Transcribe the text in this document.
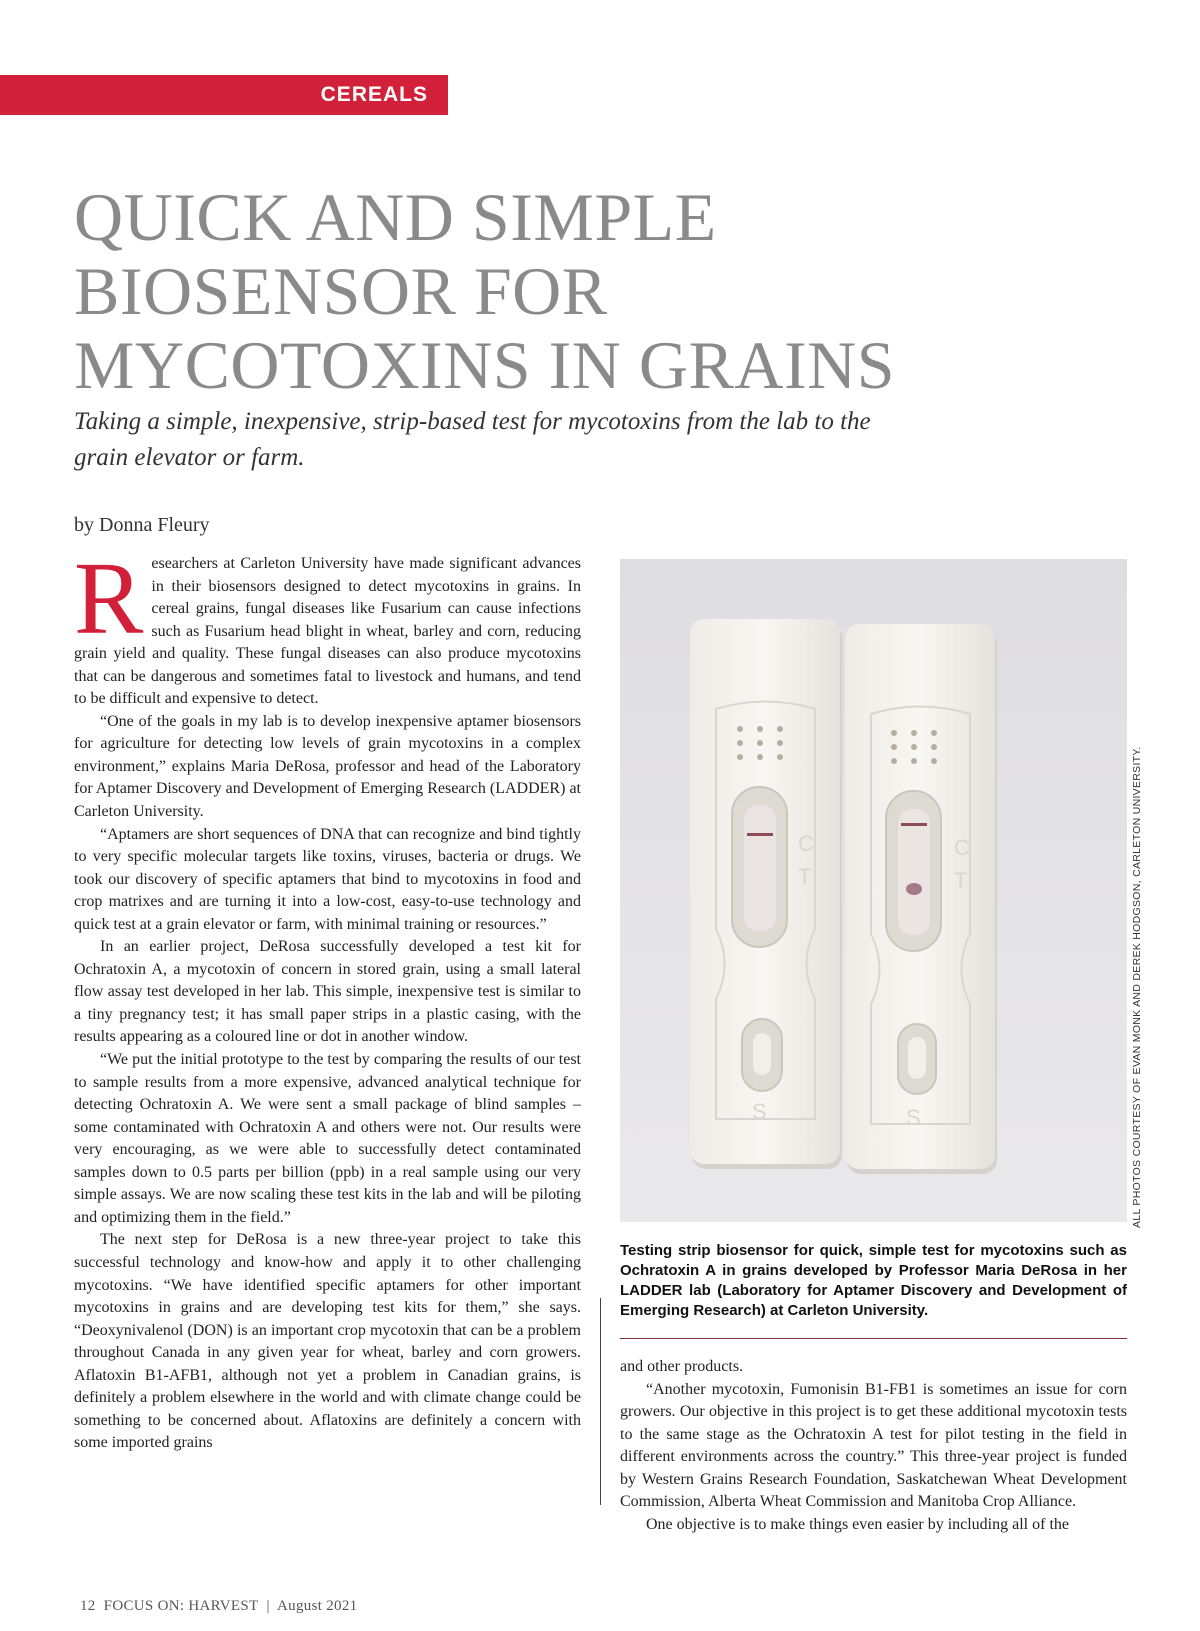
CEREALS
QUICK AND SIMPLE
BIOSENSOR FOR
MYCOTOXINS IN GRAINS
Taking a simple, inexpensive, strip-based test for mycotoxins from the lab to the grain elevator or farm.
by Donna Fleury

Researchers at Carleton University have made significant advances in their biosensors designed to detect mycotoxins in grains. In cereal grains, fungal diseases like Fusarium can cause infections such as Fusarium head blight in wheat, barley and corn, reducing grain yield and quality. These fungal diseases can also produce mycotoxins that can be dangerous and sometimes fatal to livestock and humans, and tend to be difficult and expensive to detect.

“One of the goals in my lab is to develop inexpensive aptamer biosensors for agriculture for detecting low levels of grain mycotoxins in a complex environment,” explains Maria DeRosa, professor and head of the Laboratory for Aptamer Discovery and Development of Emerging Research (LADDER) at Carleton University.

“Aptamers are short sequences of DNA that can recognize and bind tightly to very specific molecular targets like toxins, viruses, bacteria or drugs. We took our discovery of specific aptamers that bind to mycotoxins in food and crop matrixes and are turning it into a low-cost, easy-to-use technology and quick test at a grain elevator or farm, with minimal training or resources.”

In an earlier project, DeRosa successfully developed a test kit for Ochratoxin A, a mycotoxin of concern in stored grain, using a small lateral flow assay test developed in her lab. This simple, inexpensive test is similar to a tiny pregnancy test; it has small paper strips in a plastic casing, with the results appearing as a coloured line or dot in another window.

“We put the initial prototype to the test by comparing the results of our test to sample results from a more expensive, advanced analytical technique for detecting Ochratoxin A. We were sent a small package of blind samples – some contaminated with Ochratoxin A and others were not. Our results were very encouraging, as we were able to successfully detect contaminated samples down to 0.5 parts per billion (ppb) in a real sample using our very simple assays. We are now scaling these test kits in the lab and will be piloting and optimizing them in the field.”

The next step for DeRosa is a new three-year project to take this successful technology and know-how and apply it to other challenging mycotoxins. “We have identified specific aptamers for other important mycotoxins in grains and are developing test kits for them,” she says. “Deoxynivalenol (DON) is an important crop mycotoxin that can be a problem throughout Canada in any given year for wheat, barley and corn growers. Aflatoxin B1-AFB1, although not yet a problem in Canadian grains, is definitely a problem elsewhere in the world and with climate change could be something to be concerned about. Aflatoxins are definitely a concern with some imported grains

C
T
S
C
T
S	ALL PHOTOS COURTESY OF EVAN MONK AND DEREK HODGSON, CARLETON UNIVERSITY.
Testing strip biosensor for quick, simple test for mycotoxins such as Ochratoxin A in grains developed by Professor Maria DeRosa in her LADDER lab (Laboratory for Aptamer Discovery and Development of Emerging Research) at Carleton University.

and other products.

“Another mycotoxin, Fumonisin B1-FB1 is sometimes an issue for corn growers. Our objective in this project is to get these additional mycotoxin tests to the same stage as the Ochratoxin A test for pilot testing in the field in different environments across the country.” This three-year project is funded by Western Grains Research Foundation, Saskatchewan Wheat Development Commission, Alberta Wheat Commission and Manitoba Crop Alliance.

One objective is to make things even easier by including all of the

12 FOCUS ON: HARVEST | August 2021
